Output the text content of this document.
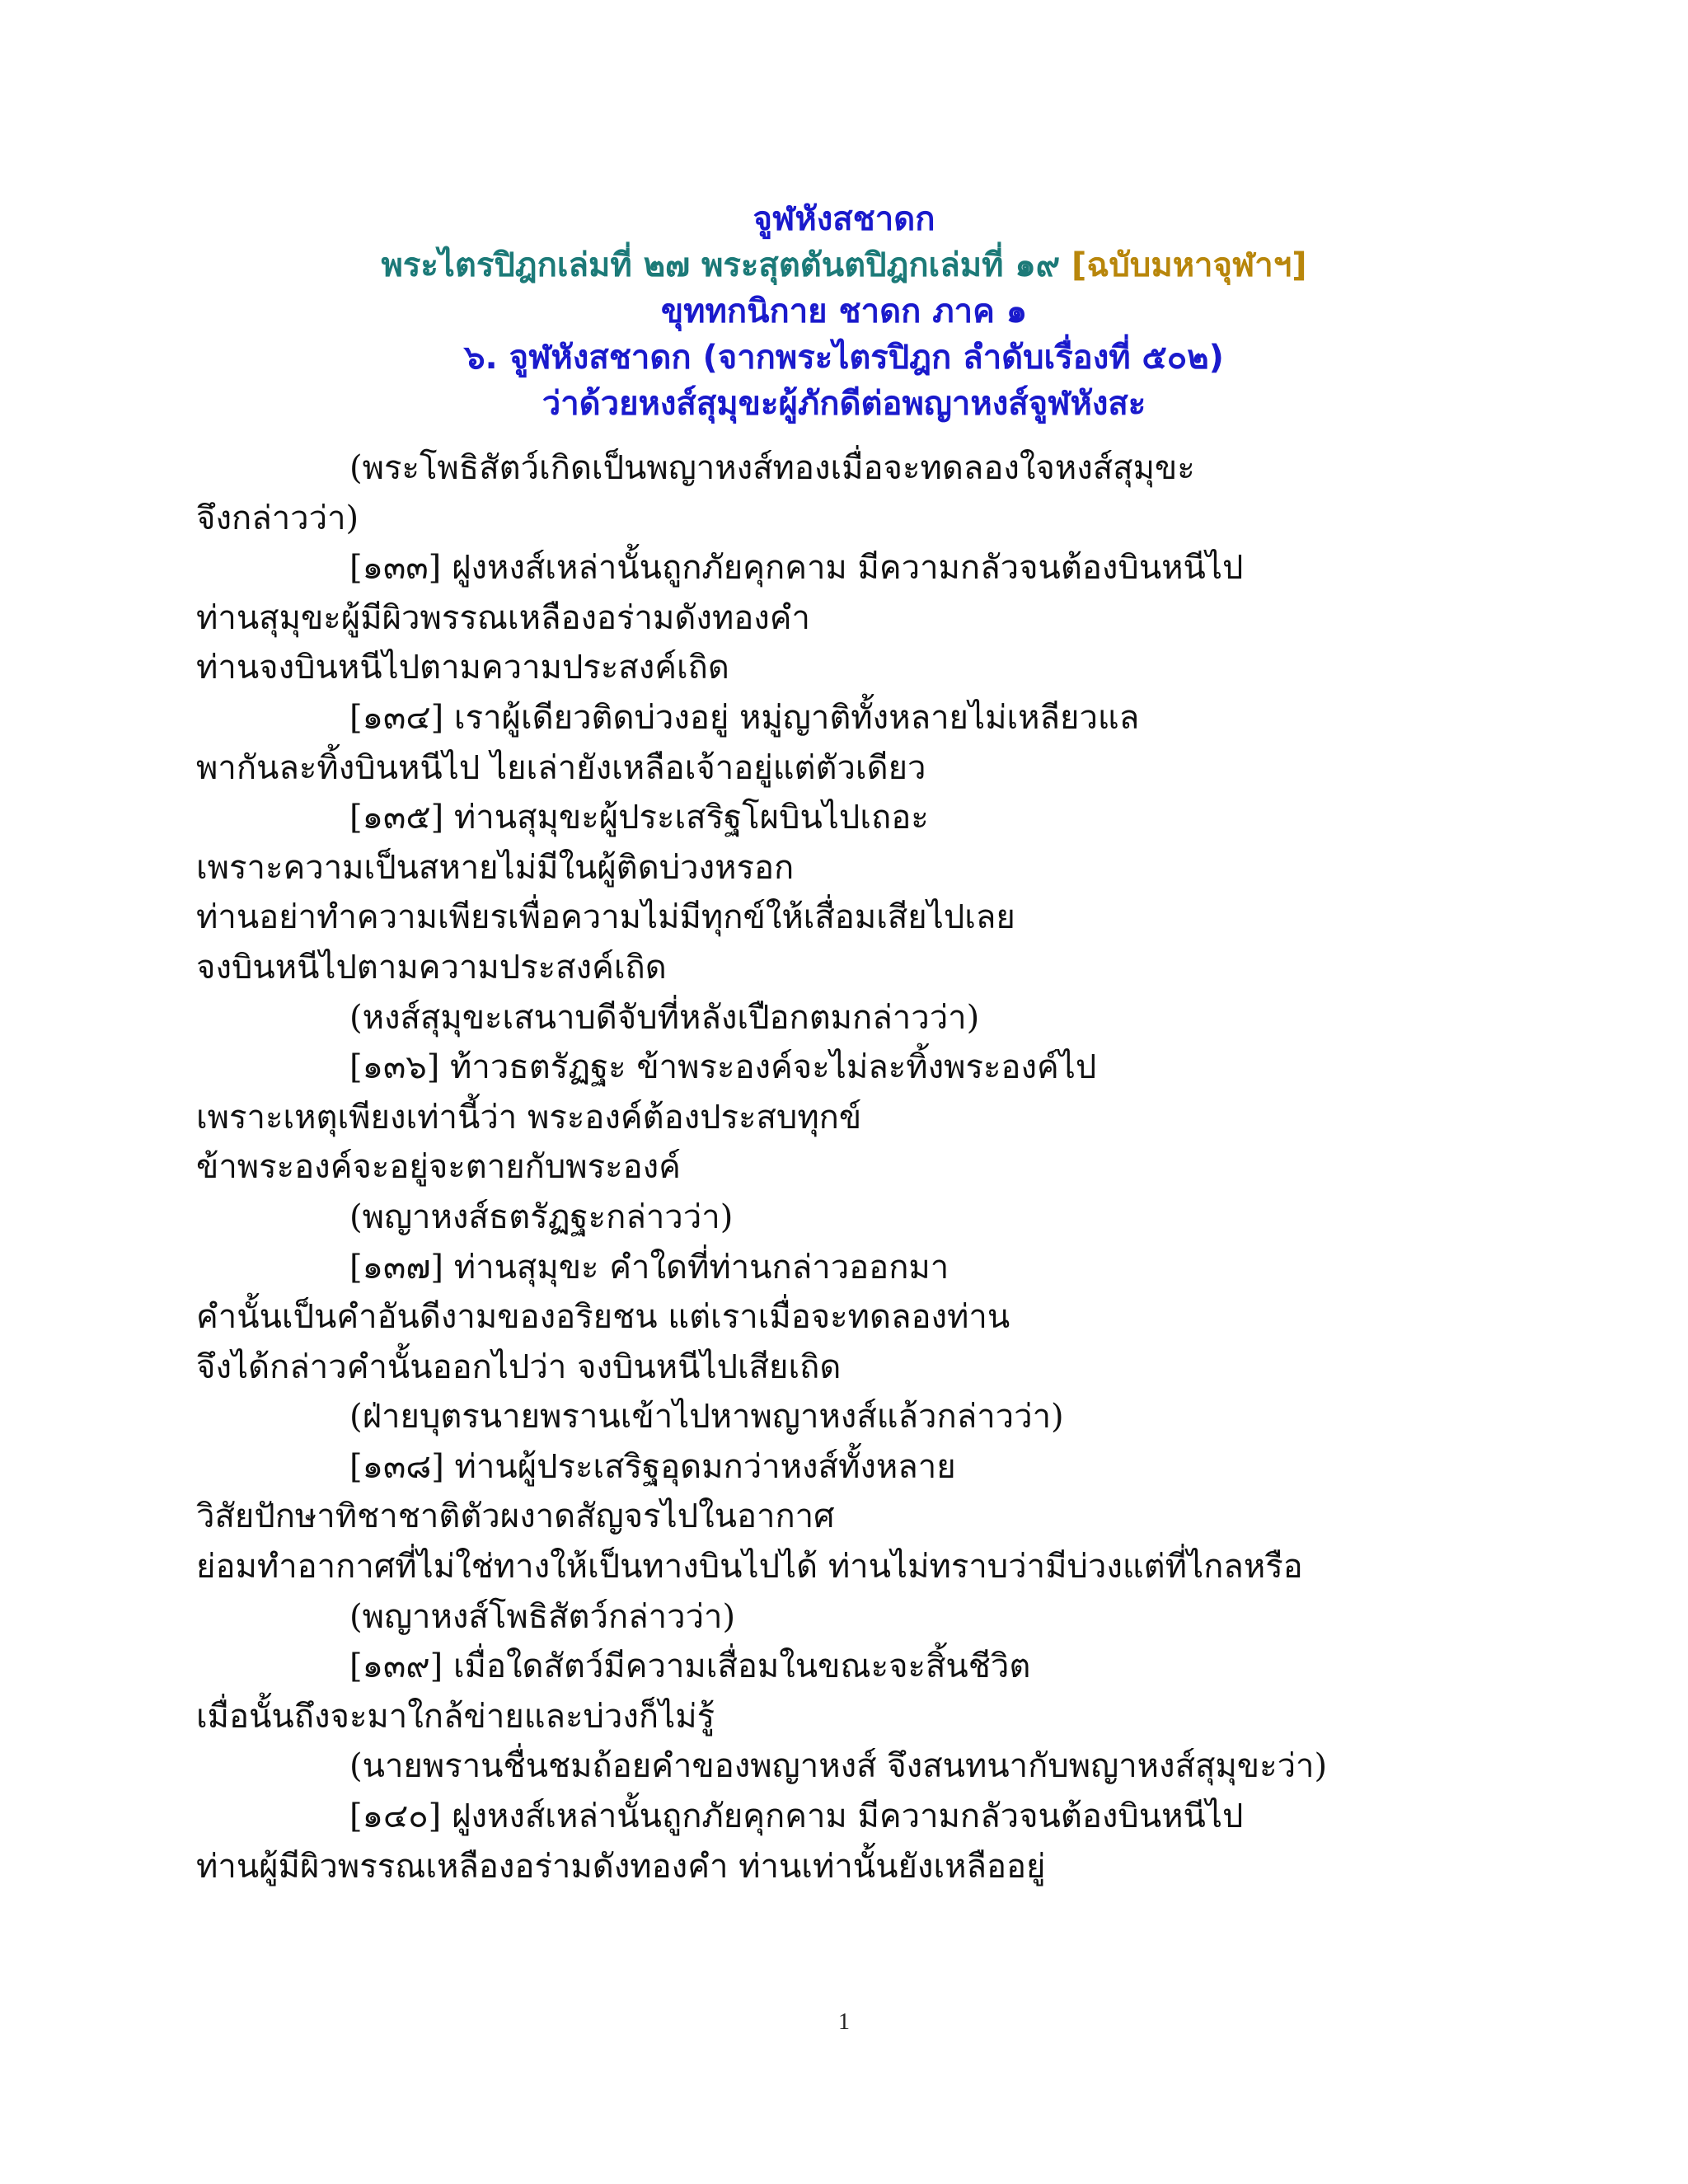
จูฬหังสชาดก
พระไตรปิฎกเล่มที่ ๒๗ พระสุตตันตปิฎกเล่มที่ ๑๙ [ฉบับมหาจุฬาฯ]
ขุททกนิกาย ชาดก ภาค ๑
๖. จูฬหังสชาดก (จากพระไตรปิฎก ลำดับเรื่องที่ ๕๐๒)
ว่าด้วยหงส์สุมุขะผู้ภักดีต่อพญาหงส์จูฬหังสะ
(พระโพธิสัตว์เกิดเป็นพญาหงส์ทองเมื่อจะทดลองใจหงส์สุมุขะ
จึงกล่าวว่า)
[๑๓๓] ฝูงหงส์เหล่านั้นถูกภัยคุกคาม มีความกลัวจนต้องบินหนีไป
ท่านสุมุขะผู้มีผิวพรรณเหลืองอร่ามดังทองคำ
ท่านจงบินหนีไปตามความประสงค์เถิด
[๑๓๔] เราผู้เดียวติดบ่วงอยู่ หมู่ญาติทั้งหลายไม่เหลียวแล
พากันละทิ้งบินหนีไป ไยเล่ายังเหลือเจ้าอยู่แต่ตัวเดียว
[๑๓๕] ท่านสุมุขะผู้ประเสริฐโผบินไปเถอะ
เพราะความเป็นสหายไม่มีในผู้ติดบ่วงหรอก
ท่านอย่าทำความเพียรเพื่อความไม่มีทุกข์ให้เสื่อมเสียไปเลย
จงบินหนีไปตามความประสงค์เถิด
(หงส์สุมุขะเสนาบดีจับที่หลังเปือกตมกล่าวว่า)
[๑๓๖] ท้าวธตรัฏฐะ ข้าพระองค์จะไม่ละทิ้งพระองค์ไป
เพราะเหตุเพียงเท่านี้ว่า พระองค์ต้องประสบทุกข์
ข้าพระองค์จะอยู่จะตายกับพระองค์
(พญาหงส์ธตรัฏฐะกล่าวว่า)
[๑๓๗] ท่านสุมุขะ คำใดที่ท่านกล่าวออกมา
คำนั้นเป็นคำอันดีงามของอริยชน แต่เราเมื่อจะทดลองท่าน
จึงได้กล่าวคำนั้นออกไปว่า จงบินหนีไปเสียเถิด
(ฝ่ายบุตรนายพรานเข้าไปหาพญาหงส์แล้วกล่าวว่า)
[๑๓๘] ท่านผู้ประเสริฐอุดมกว่าหงส์ทั้งหลาย
วิสัยปักษาทิชาชาติตัวผงาดสัญจรไปในอากาศ
ย่อมทำอากาศที่ไม่ใช่ทางให้เป็นทางบินไปได้ ท่านไม่ทราบว่ามีบ่วงแต่ที่ไกลหรือ
(พญาหงส์โพธิสัตว์กล่าวว่า)
[๑๓๙] เมื่อใดสัตว์มีความเสื่อมในขณะจะสิ้นชีวิต
เมื่อนั้นถึงจะมาใกล้ข่ายและบ่วงก็ไม่รู้
(นายพรานชื่นชมถ้อยคำของพญาหงส์ จึงสนทนากับพญาหงส์สุมุขะว่า)
[๑๔๐] ฝูงหงส์เหล่านั้นถูกภัยคุกคาม มีความกลัวจนต้องบินหนีไป
ท่านผู้มีผิวพรรณเหลืองอร่ามดังทองคำ ท่านเท่านั้นยังเหลืออยู่
1
